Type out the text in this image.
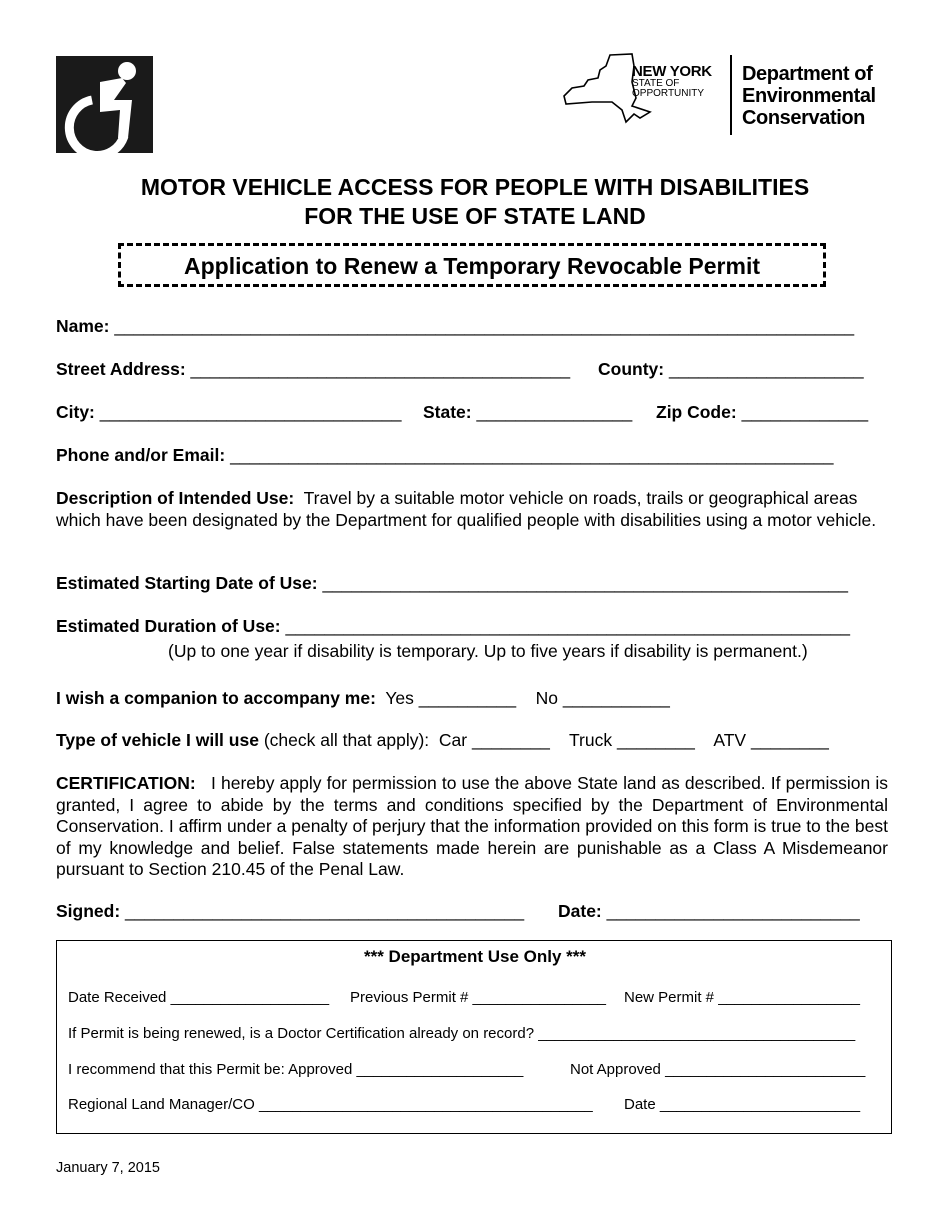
NEW YORK
STATE OF
OPPORTUNITY
Department of
Environmental
Conservation
MOTOR VEHICLE ACCESS FOR PEOPLE WITH DISABILITIES
FOR THE USE OF STATE LAND
Application to Renew a Temporary Revocable Permit
Name: ____________________________________________________________________________
Street Address: _______________________________________ County: ____________________
City: _______________________________ State: ________________ Zip Code: _____________
Phone and/or Email: ______________________________________________________________
Description of Intended Use: Travel by a suitable motor vehicle on roads, trails or geographical areas which have been designated by the Department for qualified people with disabilities using a motor vehicle.
Estimated Starting Date of Use: ______________________________________________________
Estimated Duration of Use: __________________________________________________________
(Up to one year if disability is temporary. Up to five years if disability is permanent.)
I wish a companion to accompany me: Yes __________ No ___________
Type of vehicle I will use (check all that apply): Car ________ Truck ________ ATV ________
CERTIFICATION: I hereby apply for permission to use the above State land as described. If permission is granted, I agree to abide by the terms and conditions specified by the Department of Environmental Conservation. I affirm under a penalty of perjury that the information provided on this form is true to the best of my knowledge and belief. False statements made herein are punishable as a Class A Misdemeanor pursuant to Section 210.45 of the Penal Law.
Signed: _________________________________________ Date: __________________________
*** Department Use Only ***
Date Received ___________________ Previous Permit # ________________ New Permit # _________________
If Permit is being renewed, is a Doctor Certification already on record? ______________________________________
I recommend that this Permit be: Approved ____________________	Not Approved ________________________
Regional Land Manager/CO ________________________________________ Date ________________________
January 7, 2015
